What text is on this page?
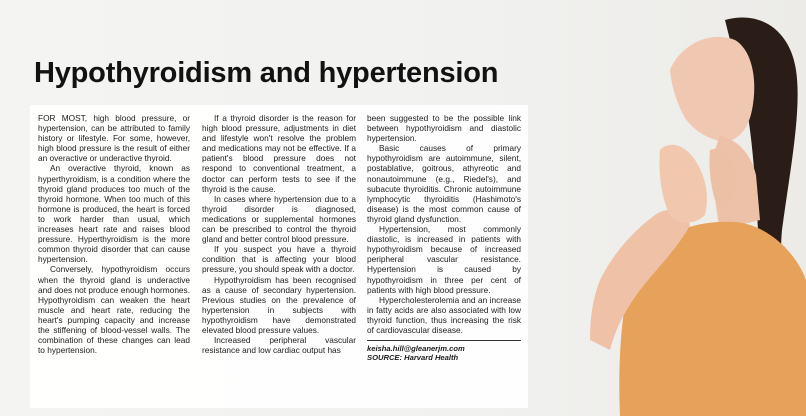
Hypothyroidism and hypertension

FOR MOST, high blood pressure, or hypertension, can be attributed to family history or lifestyle. For some, however, high blood pressure is the result of either an overactive or underactive thyroid.

An overactive thyroid, known as hyperthyroidism, is a condition where the thyroid gland produces too much of the thyroid hormone. When too much of this hormone is produced, the heart is forced to work harder than usual, which increases heart rate and raises blood pressure. Hyperthyroidism is the more common thyroid disorder that can cause hypertension.

Conversely, hypothyroidism occurs when the thyroid gland is underactive and does not produce enough hormones. Hypothyroidism can weaken the heart muscle and heart rate, reducing the heart's pumping capacity and increase the stiffening of blood-vessel walls. The combination of these changes can lead to hypertension.

If a thyroid disorder is the reason for high blood pressure, adjustments in diet and lifestyle won't resolve the problem and medications may not be effective. If a patient's blood pressure does not respond to conventional treatment, a doctor can perform tests to see if the thyroid is the cause.

In cases where hypertension due to a thyroid disorder is diagnosed, medications or supplemental hormones can be prescribed to control the thyroid gland and better control blood pressure.

If you suspect you have a thyroid condition that is affecting your blood pressure, you should speak with a doctor.

Hypothyroidism has been recognised as a cause of secondary hypertension. Previous studies on the prevalence of hypertension in subjects with hypothyroidism have demonstrated elevated blood pressure values.

Increased peripheral vascular resistance and low cardiac output has

been suggested to be the possible link between hypothyroidism and diastolic hypertension.

Basic causes of primary hypothyroidism are autoimmune, silent, postablative, goitrous, athyreotic and nonautoimmune (e.g., Riedel's), and subacute thyroiditis. Chronic autoimmune lymphocytic thyroiditis (Hashimoto's disease) is the most common cause of thyroid gland dysfunction.

Hypertension, most commonly diastolic, is increased in patients with hypothyroidism because of increased peripheral vascular resistance. Hypertension is caused by hypothyroidism in three per cent of patients with high blood pressure.

Hypercholesterolemia and an increase in fatty acids are also associated with low thyroid function, thus increasing the risk of cardiovascular disease.

keisha.hill@gleanerjm.com
SOURCE: Harvard Health
